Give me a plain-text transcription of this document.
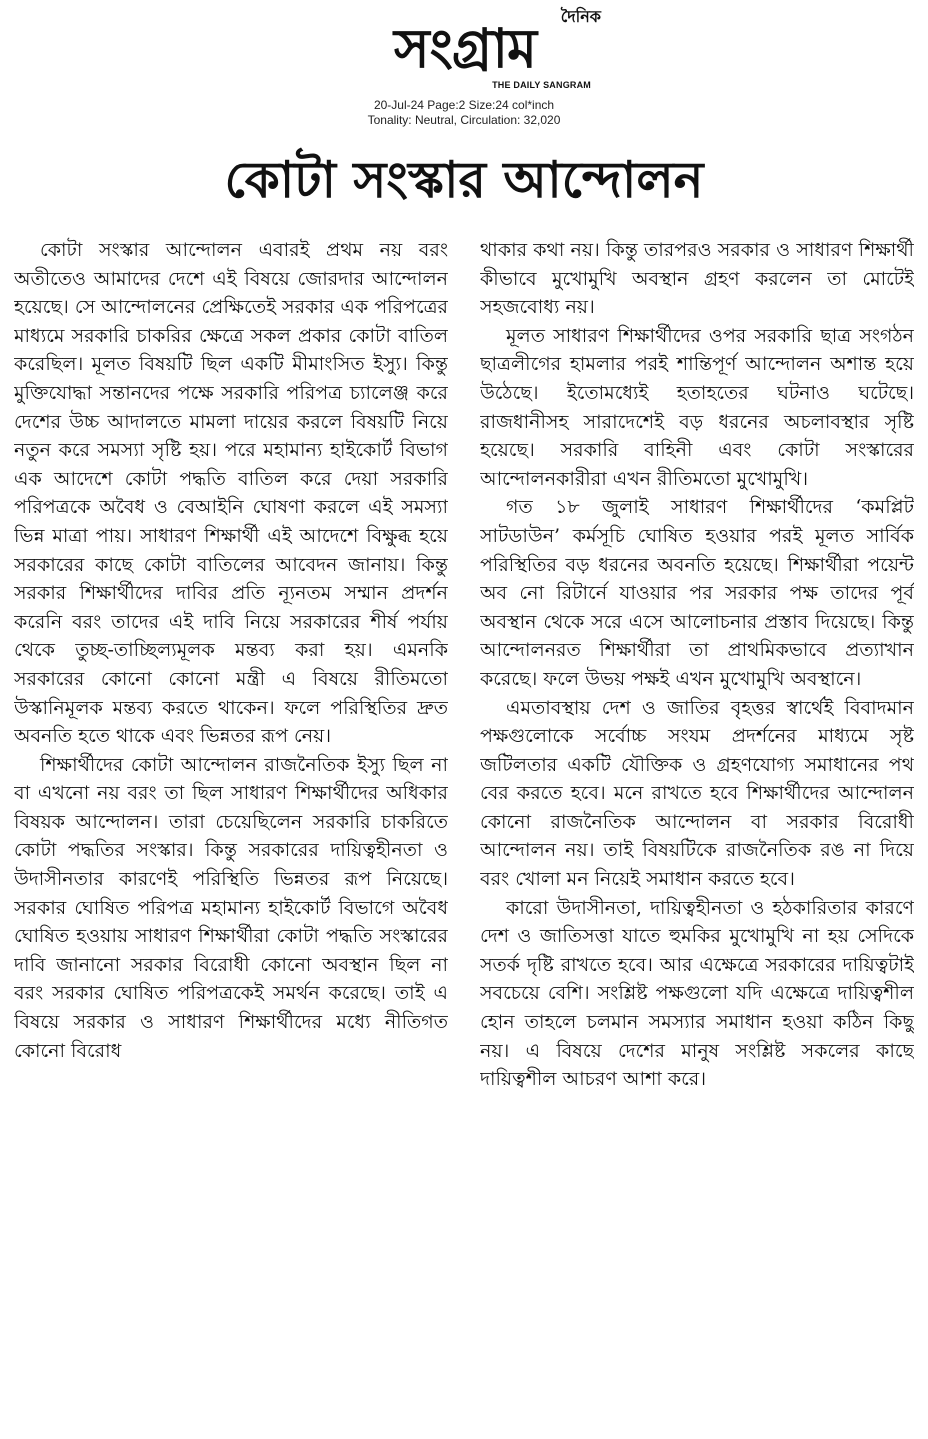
দৈনিক
সংগ্রাম
THE DAILY SANGRAM
20-Jul-24 Page:2 Size:24 col*inch
Tonality: Neutral, Circulation: 32,020
কোটা সংস্কার আন্দোলন

কোটা সংস্কার আন্দোলন এবারই প্রথম নয় বরং অতীতেও আমাদের দেশে এই বিষয়ে জোরদার আন্দোলন হয়েছে। সে আন্দোলনের প্রেক্ষিতেই সরকার এক পরিপত্রের মাধ্যমে সরকারি চাকরির ক্ষেত্রে সকল প্রকার কোটা বাতিল করেছিল। মূলত বিষয়টি ছিল একটি মীমাংসিত ইস্যু। কিন্তু মুক্তিযোদ্ধা সন্তানদের পক্ষে সরকারি পরিপত্র চ্যালেঞ্জ করে দেশের উচ্চ আদালতে মামলা দায়ের করলে বিষয়টি নিয়ে নতুন করে সমস্যা সৃষ্টি হয়। পরে মহামান্য হাইকোর্ট বিভাগ এক আদেশে কোটা পদ্ধতি বাতিল করে দেয়া সরকারি পরিপত্রকে অবৈধ ও বেআইনি ঘোষণা করলে এই সমস্যা ভিন্ন মাত্রা পায়। সাধারণ শিক্ষার্থী এই আদেশে বিক্ষুব্ধ হয়ে সরকারের কাছে কোটা বাতিলের আবেদন জানায়। কিন্তু সরকার শিক্ষার্থীদের দাবির প্রতি ন্যূনতম সম্মান প্রদর্শন করেনি বরং তাদের এই দাবি নিয়ে সরকারের শীর্ষ পর্যায় থেকে তুচ্ছ-তাচ্ছিল্যমূলক মন্তব্য করা হয়। এমনকি সরকারের কোনো কোনো মন্ত্রী এ বিষয়ে রীতিমতো উস্কানিমূলক মন্তব্য করতে থাকেন। ফলে পরিস্থিতির দ্রুত অবনতি হতে থাকে এবং ভিন্নতর রূপ নেয়।

শিক্ষার্থীদের কোটা আন্দোলন রাজনৈতিক ইস্যু ছিল না বা এখনো নয় বরং তা ছিল সাধারণ শিক্ষার্থীদের অধিকার বিষয়ক আন্দোলন। তারা চেয়েছিলেন সরকারি চাকরিতে কোটা পদ্ধতির সংস্কার। কিন্তু সরকারের দায়িত্বহীনতা ও উদাসীনতার কারণেই পরিস্থিতি ভিন্নতর রূপ নিয়েছে। সরকার ঘোষিত পরিপত্র মহামান্য হাইকোর্ট বিভাগে অবৈধ ঘোষিত হওয়ায় সাধারণ শিক্ষার্থীরা কোটা পদ্ধতি সংস্কারের দাবি জানানো সরকার বিরোধী কোনো অবস্থান ছিল না বরং সরকার ঘোষিত পরিপত্রকেই সমর্থন করেছে। তাই এ বিষয়ে সরকার ও সাধারণ শিক্ষার্থীদের মধ্যে নীতিগত কোনো বিরোধ

থাকার কথা নয়। কিন্তু তারপরও সরকার ও সাধারণ শিক্ষার্থী কীভাবে মুখোমুখি অবস্থান গ্রহণ করলেন তা মোটেই সহজবোধ্য নয়।

মূলত সাধারণ শিক্ষার্থীদের ওপর সরকারি ছাত্র সংগঠন ছাত্রলীগের হামলার পরই শান্তিপূর্ণ আন্দোলন অশান্ত হয়ে উঠেছে। ইতোমধ্যেই হতাহতের ঘটনাও ঘটেছে। রাজধানীসহ সারাদেশেই বড় ধরনের অচলাবস্থার সৃষ্টি হয়েছে। সরকারি বাহিনী এবং কোটা সংস্কারের আন্দোলনকারীরা এখন রীতিমতো মুখোমুখি।

গত ১৮ জুলাই সাধারণ শিক্ষার্থীদের ‘কমপ্লিট সাটডাউন’ কর্মসূচি ঘোষিত হওয়ার পরই মূলত সার্বিক পরিস্থিতির বড় ধরনের অবনতি হয়েছে। শিক্ষার্থীরা পয়েন্ট অব নো রিটার্নে যাওয়ার পর সরকার পক্ষ তাদের পূর্ব অবস্থান থেকে সরে এসে আলোচনার প্রস্তাব দিয়েছে। কিন্তু আন্দোলনরত শিক্ষার্থীরা তা প্রাথমিকভাবে প্রত্যাখান করেছে। ফলে উভয় পক্ষই এখন মুখোমুখি অবস্থানে।

এমতাবস্থায় দেশ ও জাতির বৃহত্তর স্বার্থেই বিবাদমান পক্ষগুলোকে সর্বোচ্চ সংযম প্রদর্শনের মাধ্যমে সৃষ্ট জটিলতার একটি যৌক্তিক ও গ্রহণযোগ্য সমাধানের পথ বের করতে হবে। মনে রাখতে হবে শিক্ষার্থীদের আন্দোলন কোনো রাজনৈতিক আন্দোলন বা সরকার বিরোধী আন্দোলন নয়। তাই বিষয়টিকে রাজনৈতিক রঙ না দিয়ে বরং খোলা মন নিয়েই সমাধান করতে হবে।

কারো উদাসীনতা, দায়িত্বহীনতা ও হঠকারিতার কারণে দেশ ও জাতিসত্তা যাতে হুমকির মুখোমুখি না হয় সেদিকে সতর্ক দৃষ্টি রাখতে হবে। আর এক্ষেত্রে সরকারের দায়িত্বটাই সবচেয়ে বেশি। সংশ্লিষ্ট পক্ষগুলো যদি এক্ষেত্রে দায়িত্বশীল হোন তাহলে চলমান সমস্যার সমাধান হওয়া কঠিন কিছু নয়। এ বিষয়ে দেশের মানুষ সংশ্লিষ্ট সকলের কাছে দায়িত্বশীল আচরণ আশা করে।
